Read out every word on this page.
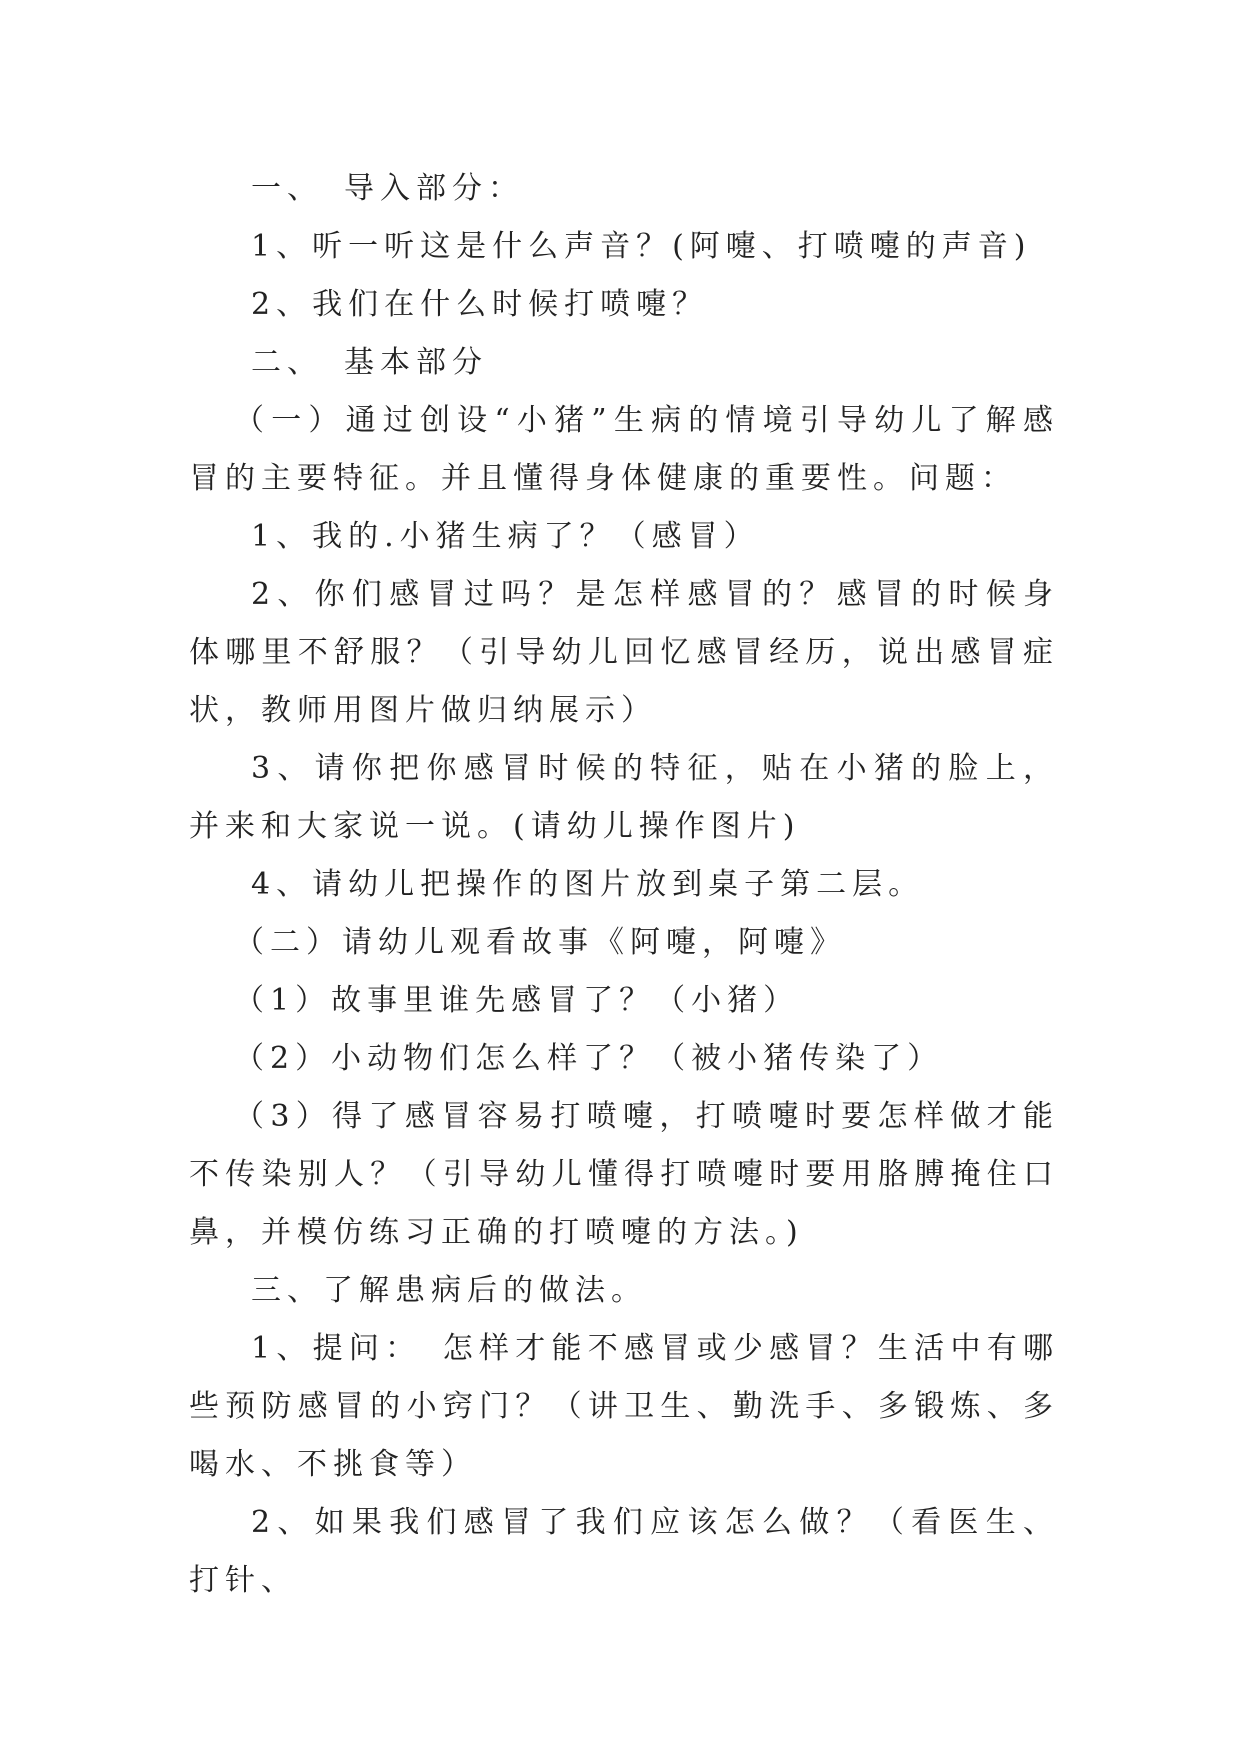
一、　导入部分：

1、听一听这是什么声音？(阿嚏、打喷嚏的声音)

2、我们在什么时候打喷嚏？

二、　基本部分

（一）通过创设“小猪”生病的情境引导幼儿了解感冒的主要特征。并且懂得身体健康的重要性。问题：

1、我的.小猪生病了？（感冒）

2、你们感冒过吗？是怎样感冒的？感冒的时候身体哪里不舒服？（引导幼儿回忆感冒经历，说出感冒症状，教师用图片做归纳展示）

3、请你把你感冒时候的特征，贴在小猪的脸上，并来和大家说一说。(请幼儿操作图片)

4、请幼儿把操作的图片放到桌子第二层。

（二）请幼儿观看故事《阿嚏，阿嚏》

（1）故事里谁先感冒了？（小猪）

（2）小动物们怎么样了？（被小猪传染了）

（3）得了感冒容易打喷嚏，打喷嚏时要怎样做才能不传染别人？（引导幼儿懂得打喷嚏时要用胳膊掩住口鼻，并模仿练习正确的打喷嚏的方法。)

三、了解患病后的做法。

1、提问：　怎样才能不感冒或少感冒？生活中有哪些预防感冒的小窍门？（讲卫生、勤洗手、多锻炼、多喝水、不挑食等）

2、如果我们感冒了我们应该怎么做？（看医生、打针、
